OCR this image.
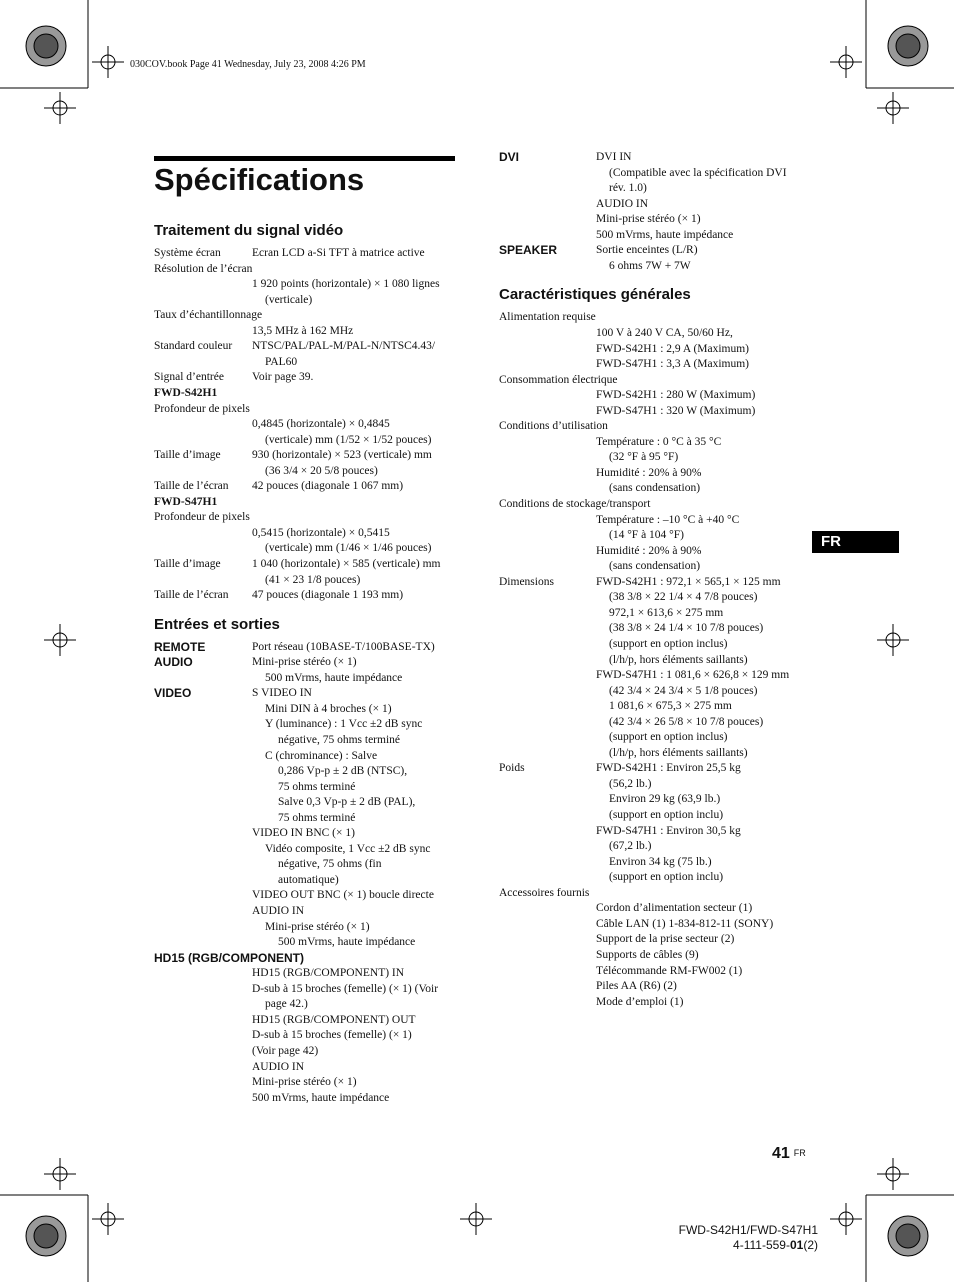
030COV.book Page 41 Wednesday, July 23, 2008 4:26 PM
Spécifications
Traitement du signal vidéo
Système écran	Ecran LCD a-Si TFT à matrice active
Résolution de l’écran
1 920 points (horizontale) × 1 080 lignes
(verticale)
Taux d’échantillonnage
13,5 MHz à 162 MHz
Standard couleur NTSC/PAL/PAL-M/PAL-N/NTSC4.43/
PAL60
Signal d’entrée Voir page 39.
FWD-S42H1
Profondeur de pixels
0,4845 (horizontale) × 0,4845
(verticale) mm (1/52 × 1/52 pouces)
Taille d’image	930 (horizontale) × 523 (verticale) mm
(36 3/4 × 20 5/8 pouces)
Taille de l’écran 42 pouces (diagonale 1 067 mm)
FWD-S47H1
Profondeur de pixels
0,5415 (horizontale) × 0,5415
(verticale) mm (1/46 × 1/46 pouces)
Taille d’image	1 040 (horizontale) × 585 (verticale) mm
(41 × 23 1/8 pouces)
Taille de l’écran 47 pouces (diagonale 1 193 mm)
Entrées et sorties
REMOTE	Port réseau (10BASE-T/100BASE-TX)
AUDIO	Mini-prise stéréo (× 1)
500 mVrms, haute impédance
VIDEO	S VIDEO IN
Mini DIN à 4 broches (× 1)
Y (luminance) : 1 Vcc ±2 dB sync
négative, 75 ohms terminé
C (chrominance) : Salve
0,286 Vp-p ± 2 dB (NTSC),
75 ohms terminé
Salve 0,3 Vp-p ± 2 dB (PAL),
75 ohms terminé
VIDEO IN BNC (× 1)
Vidéo composite, 1 Vcc ±2 dB sync
négative, 75 ohms (fin
automatique)
VIDEO OUT BNC (× 1) boucle directe
AUDIO IN
Mini-prise stéréo (× 1)
500 mVrms, haute impédance
HD15 (RGB/COMPONENT)
HD15 (RGB/COMPONENT) IN
D-sub à 15 broches (femelle) (× 1) (Voir
page 42.)
HD15 (RGB/COMPONENT) OUT
D-sub à 15 broches (femelle) (× 1)
(Voir page 42)
AUDIO IN
Mini-prise stéréo (× 1)
500 mVrms, haute impédance
DVI	DVI IN
(Compatible avec la spécification DVI
rév. 1.0)
AUDIO IN
Mini-prise stéréo (× 1)
500 mVrms, haute impédance
SPEAKER	Sortie enceintes (L/R)
6 ohms 7W + 7W
Caractéristiques générales
Alimentation requise
100 V à 240 V CA, 50/60 Hz,
FWD-S42H1 : 2,9 A (Maximum)
FWD-S47H1 : 3,3 A (Maximum)
Consommation électrique
FWD-S42H1 : 280 W (Maximum)
FWD-S47H1 : 320 W (Maximum)
Conditions d’utilisation
Température : 0 °C à 35 °C
(32 °F à 95 °F)
Humidité : 20% à 90%
(sans condensation)
Conditions de stockage/transport
Température : –10 °C à +40 °C
(14 °F à 104 °F)
Humidité : 20% à 90%
(sans condensation)
Dimensions	FWD-S42H1 : 972,1 × 565,1 × 125 mm
(38 3/8 × 22 1/4 × 4 7/8 pouces)
972,1 × 613,6 × 275 mm
(38 3/8 × 24 1/4 × 10 7/8 pouces)
(support en option inclus)
(l/h/p, hors éléments saillants)
FWD-S47H1 : 1 081,6 × 626,8 × 129 mm
(42 3/4 × 24 3/4 × 5 1/8 pouces)
1 081,6 × 675,3 × 275 mm
(42 3/4 × 26 5/8 × 10 7/8 pouces)
(support en option inclus)
(l/h/p, hors éléments saillants)
Poids	FWD-S42H1 : Environ 25,5 kg
(56,2 lb.)
Environ 29 kg (63,9 lb.)
(support en option inclu)
FWD-S47H1 : Environ 30,5 kg
(67,2 lb.)
Environ 34 kg (75 lb.)
(support en option inclu)
Accessoires fournis
Cordon d’alimentation secteur (1)
Câble LAN (1) 1-834-812-11 (SONY)
Support de la prise secteur (2)
Supports de câbles (9)
Télécommande RM-FW002 (1)
Piles AA (R6) (2)
Mode d’emploi (1)
FR
41 $^{FR}$
FWD-S42H1/FWD-S47H1
4-111-559-01(2)
